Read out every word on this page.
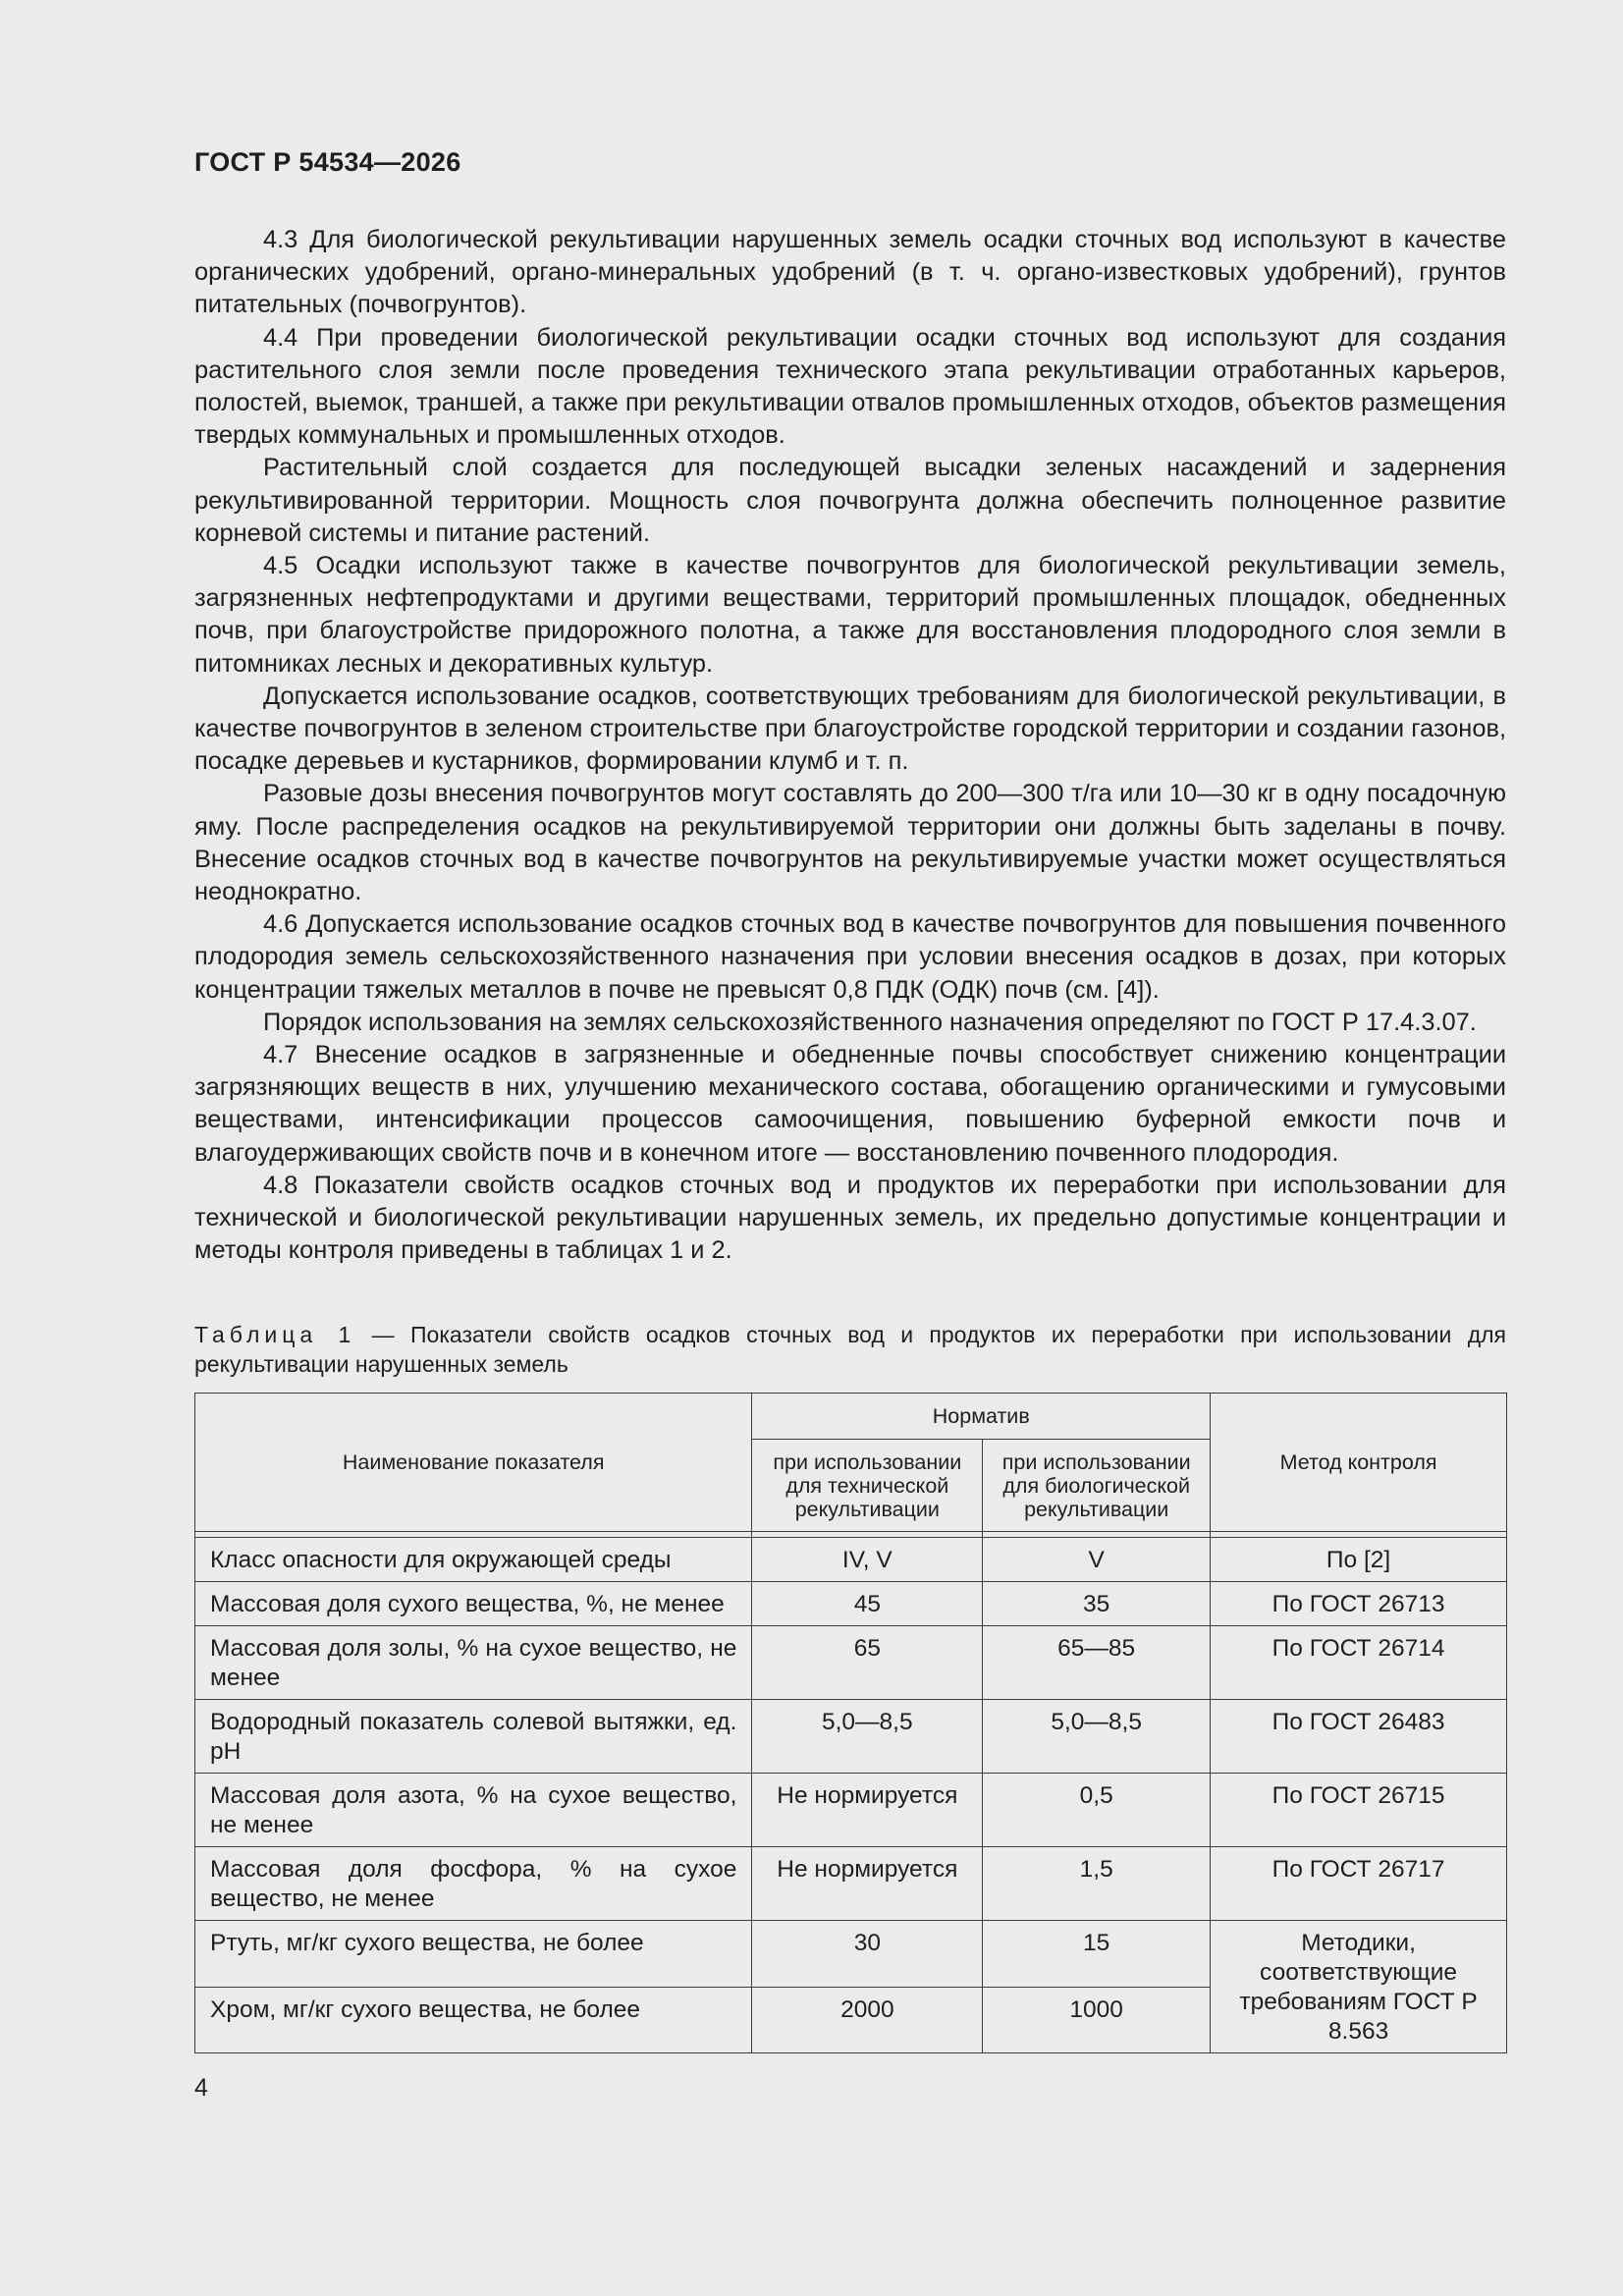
ГОСТ Р 54534—2026

4.3 Для биологической рекультивации нарушенных земель осадки сточных вод используют в качестве органических удобрений, органо-минеральных удобрений (в т. ч. органо-известковых удобрений), грунтов питательных (почвогрунтов).

4.4 При проведении биологической рекультивации осадки сточных вод используют для создания растительного слоя земли после проведения технического этапа рекультивации отработанных карьеров, полостей, выемок, траншей, а также при рекультивации отвалов промышленных отходов, объектов размещения твердых коммунальных и промышленных отходов.

Растительный слой создается для последующей высадки зеленых насаждений и задернения рекультивированной территории. Мощность слоя почвогрунта должна обеспечить полноценное развитие корневой системы и питание растений.

4.5 Осадки используют также в качестве почвогрунтов для биологической рекультивации земель, загрязненных нефтепродуктами и другими веществами, территорий промышленных площадок, обедненных почв, при благоустройстве придорожного полотна, а также для восстановления плодородного слоя земли в питомниках лесных и декоративных культур.

Допускается использование осадков, соответствующих требованиям для биологической рекультивации, в качестве почвогрунтов в зеленом строительстве при благоустройстве городской территории и создании газонов, посадке деревьев и кустарников, формировании клумб и т. п.

Разовые дозы внесения почвогрунтов могут составлять до 200—300 т/га или 10—30 кг в одну посадочную яму. После распределения осадков на рекультивируемой территории они должны быть заделаны в почву. Внесение осадков сточных вод в качестве почвогрунтов на рекультивируемые участки может осуществляться неоднократно.

4.6 Допускается использование осадков сточных вод в качестве почвогрунтов для повышения почвенного плодородия земель сельскохозяйственного назначения при условии внесения осадков в дозах, при которых концентрации тяжелых металлов в почве не превысят 0,8 ПДК (ОДК) почв (см. [4]).

Порядок использования на землях сельскохозяйственного назначения определяют по ГОСТ Р 17.4.3.07.

4.7 Внесение осадков в загрязненные и обедненные почвы способствует снижению концентрации загрязняющих веществ в них, улучшению механического состава, обогащению органическими и гумусовыми веществами, интенсификации процессов самоочищения, повышению буферной емкости почв и влагоудерживающих свойств почв и в конечном итоге — восстановлению почвенного плодородия.

4.8 Показатели свойств осадков сточных вод и продуктов их переработки при использовании для технической и биологической рекультивации нарушенных земель, их предельно допустимые концентрации и методы контроля приведены в таблицах 1 и 2.

Таблица 1 — Показатели свойств осадков сточных вод и продуктов их переработки при использовании для рекультивации нарушенных земель
Наименование показателя	Норматив		Метод контроля
	при использовании для технической рекультивации	при использовании для биологической рекультивации	

Класс опасности для окружающей среды	IV, V	V	По [2]
Массовая доля сухого вещества, %, не менее	45	35	По ГОСТ 26713
Массовая доля золы, % на сухое вещество, не менее	65	65—85	По ГОСТ 26714
Водородный показатель солевой вытяжки, ед. pH	5,0—8,5	5,0—8,5	По ГОСТ 26483
Массовая доля азота, % на сухое вещество, не менее	Не нормируется	0,5	По ГОСТ 26715
Массовая доля фосфора, % на сухое вещество, не менее	Не нормируется	1,5	По ГОСТ 26717
Ртуть, мг/кг сухого вещества, не более	30	15	Методики, соответствующие требованиям ГОСТ Р 8.563
Хром, мг/кг сухого вещества, не более	2000	1000	
4
